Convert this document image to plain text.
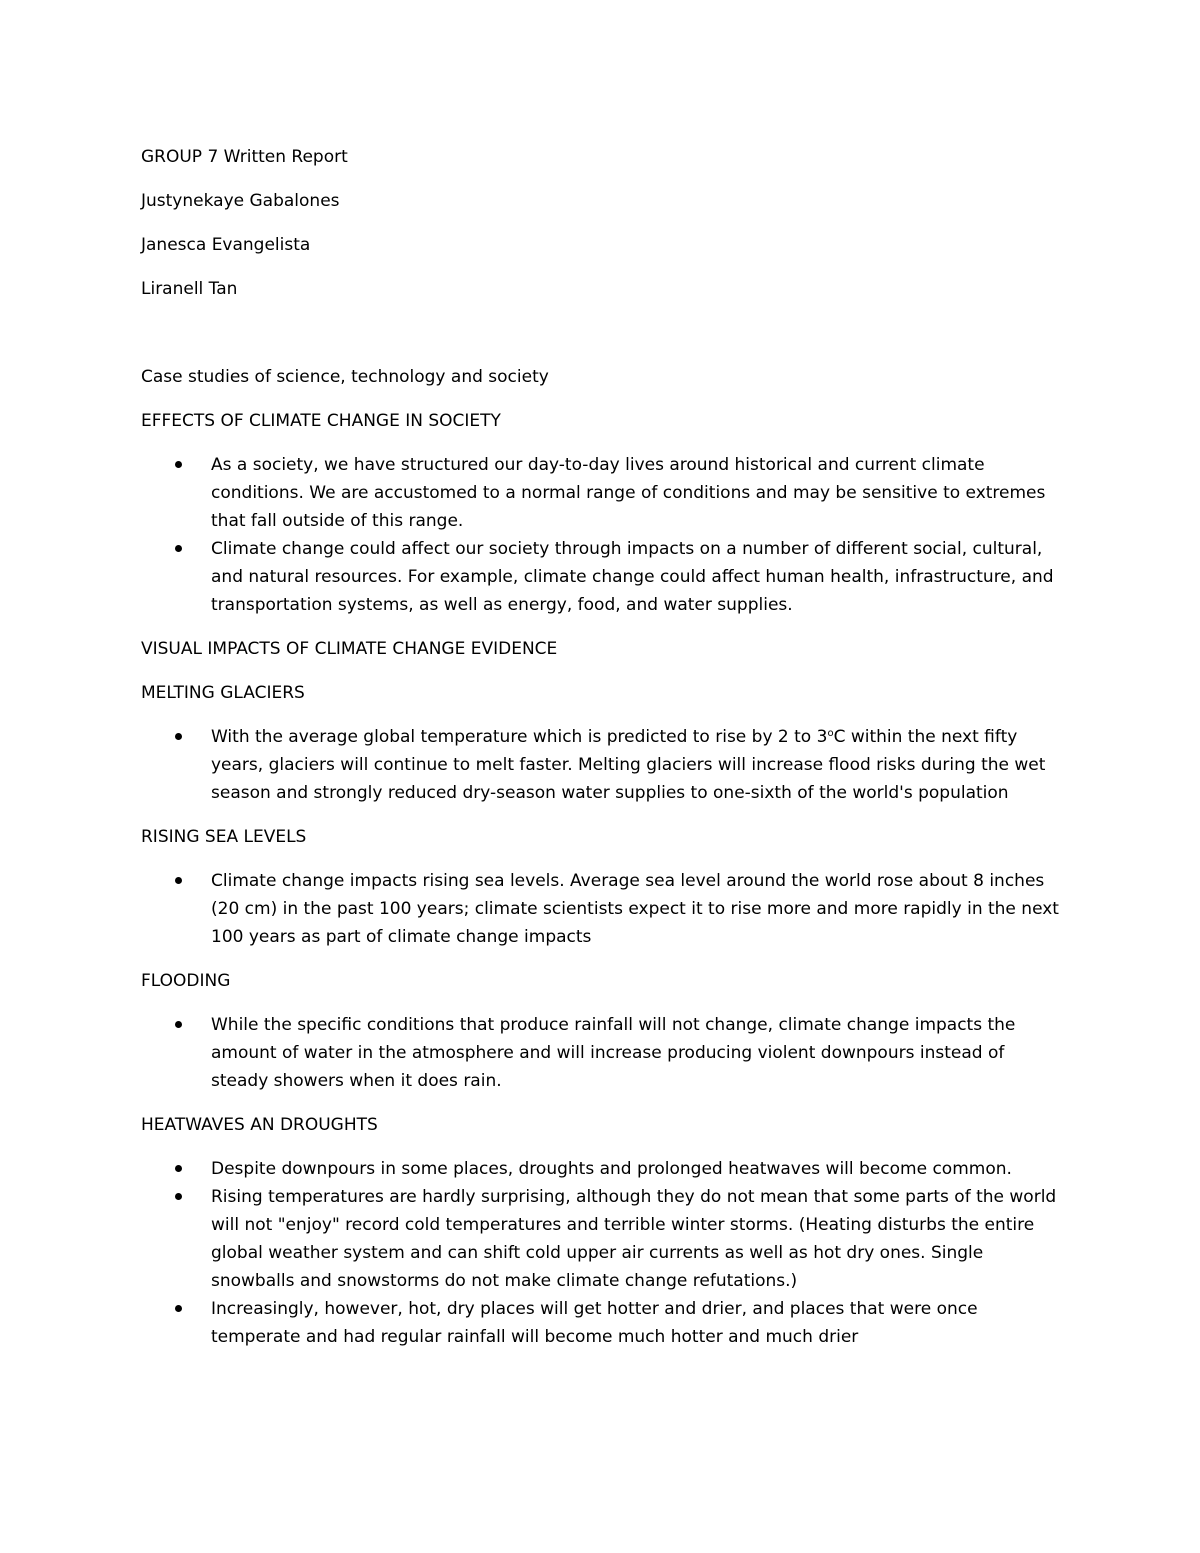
GROUP 7 Written Report

Justynekaye Gabalones

Janesca Evangelista

Liranell Tan

Case studies of science, technology and society

EFFECTS OF CLIMATE CHANGE IN SOCIETY

As a society, we have structured our day-to-day lives around historical and current climate conditions. We are accustomed to a normal range of conditions and may be sensitive to extremes that fall outside of this range.
Climate change could affect our society through impacts on a number of different social, cultural, and natural resources. For example, climate change could affect human health, infrastructure, and transportation systems, as well as energy, food, and water supplies.

VISUAL IMPACTS OF CLIMATE CHANGE EVIDENCE

MELTING GLACIERS

With the average global temperature which is predicted to rise by 2 to 3$^o$C within the next fifty years, glaciers will continue to melt faster. Melting glaciers will increase flood risks during the wet season and strongly reduced dry-season water supplies to one-sixth of the world's population

RISING SEA LEVELS

Climate change impacts rising sea levels. Average sea level around the world rose about 8 inches (20 cm) in the past 100 years; climate scientists expect it to rise more and more rapidly in the next 100 years as part of climate change impacts

FLOODING

While the specific conditions that produce rainfall will not change, climate change impacts the amount of water in the atmosphere and will increase producing violent downpours instead of steady showers when it does rain.

HEATWAVES AN DROUGHTS

Despite downpours in some places, droughts and prolonged heatwaves will become common.
Rising temperatures are hardly surprising, although they do not mean that some parts of the world will not "enjoy" record cold temperatures and terrible winter storms. (Heating disturbs the entire global weather system and can shift cold upper air currents as well as hot dry ones. Single snowballs and snowstorms do not make climate change refutations.)
Increasingly, however, hot, dry places will get hotter and drier, and places that were once temperate and had regular rainfall will become much hotter and much drier
